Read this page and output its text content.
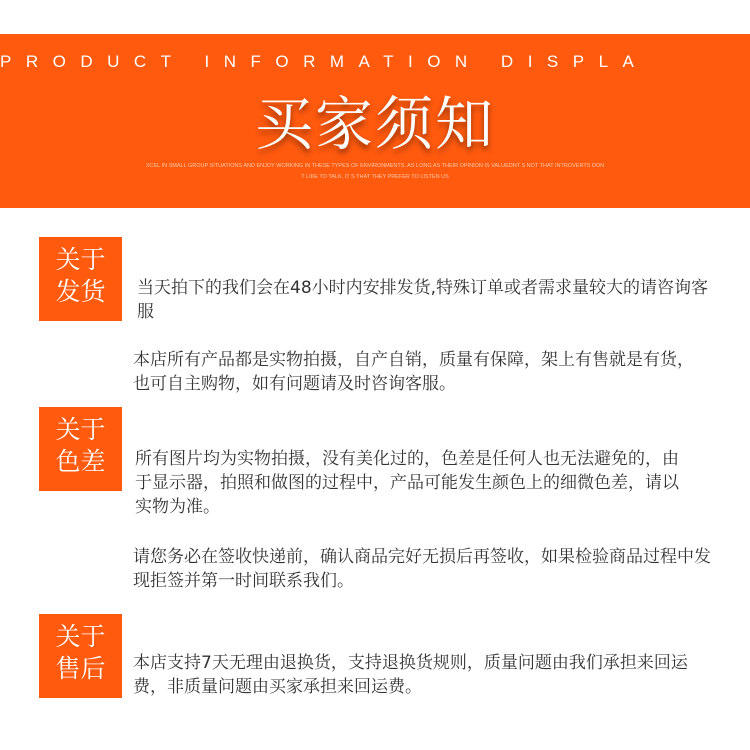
PRODUCT INFORMATION DISPLA
买家须知
XCEL IN SMALL GROUP SITUATIONS AND ENJOY WORKING IN THESE TYPES OF ENVIRONMENTS. AS LONG AS THEIR OPINION IS VALUEDNT S NOT THAT INTROVERTS DON
T LIKE TO TALK, IT S THAT THEY PREFER TO LISTEN US
关于
发货	当天拍下的我们会在48小时内安排发货,特殊订单或者需求量较大的请咨询客服
本店所有产品都是实物拍摄，自产自销，质量有保障，架上有售就是有货，也可自主购物，如有问题请及时咨询客服。
关于
色差	所有图片均为实物拍摄，没有美化过的，色差是任何人也无法避免的，由于显示器，拍照和做图的过程中，产品可能发生颜色上的细微色差，请以实物为准。
请您务必在签收快递前，确认商品完好无损后再签收，如果检验商品过程中发现拒签并第一时间联系我们。
关于
售后	本店支持7天无理由退换货，支持退换货规则，质量问题由我们承担来回运费，非质量问题由买家承担来回运费。
